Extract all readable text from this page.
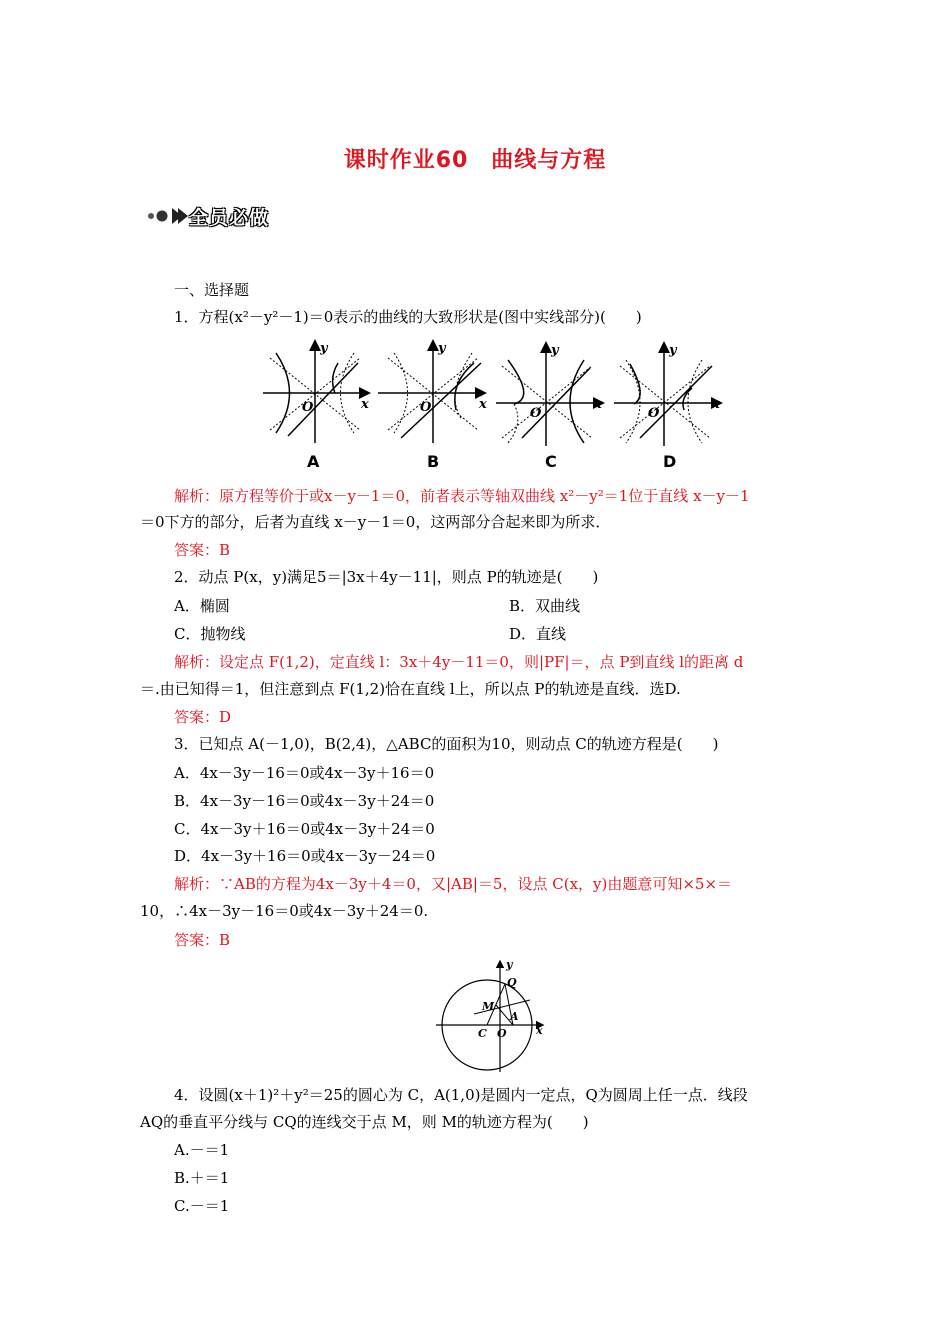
课时作业60　曲线与方程
全员必做
一、选择题
1．方程(x²－y²－1)＝0表示的曲线的大致形状是(图中实线部分)(　　)
O
y
x	O
y
x
O
y
x
O
y
x
A	B	C	D
解析：原方程等价于或x－y－1＝0，前者表示等轴双曲线 x²－y²＝1位于直线 x－y－1
＝0下方的部分，后者为直线 x－y－1＝0，这两部分合起来即为所求．
答案：B
2．动点 P(x，y)满足5＝|3x＋4y－11|，则点 P的轨迹是(　　)
A．椭圆	B．双曲线
C．抛物线	D．直线
解析：设定点 F(1,2)，定直线 l：3x＋4y－11＝0，则|PF|＝，点 P到直线 l的距离 d
＝.由已知得＝1，但注意到点 F(1,2)恰在直线 l上，所以点 P的轨迹是直线．选D.
答案：D
3．已知点 A(－1,0)，B(2,4)，△ABC的面积为10，则动点 C的轨迹方程是(　　)
A．4x－3y－16＝0或4x－3y＋16＝0
B．4x－3y－16＝0或4x－3y＋24＝0
C．4x－3y＋16＝0或4x－3y＋24＝0
D．4x－3y＋16＝0或4x－3y－24＝0
解析：∵AB的方程为4x－3y＋4＝0，又|AB|＝5，设点 C(x，y)由题意可知×5×＝
10，∴4x－3y－16＝0或4x－3y＋24＝0.
答案：B
y
Q
M
A
C O	x
4．设圆(x＋1)²＋y²＝25的圆心为 C，A(1,0)是圆内一定点，Q为圆周上任一点．线段
AQ的垂直平分线与 CQ的连线交于点 M，则 M的轨迹方程为(　　)
A.－＝1
B.＋＝1
C.－＝1
